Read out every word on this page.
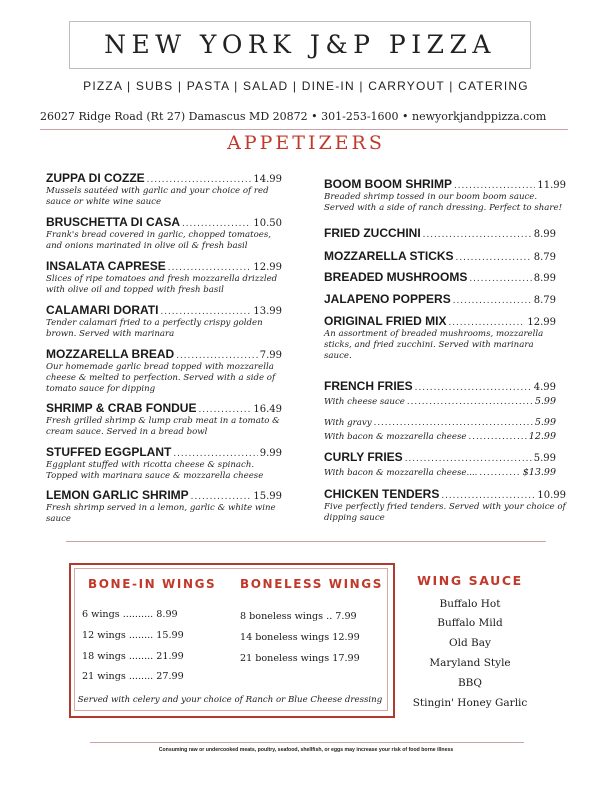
NEW YORK J&P PIZZA
PIZZA | SUBS | PASTA | SALAD | DINE-IN | CARRYOUT | CATERING
26027 Ridge Road (Rt 27) Damascus MD 20872 • 301-253-1600 • newyorkjandppizza.com
APPETIZERS
ZUPPA DI COZZE .....	14.99
Mussels sautéed with garlic and your choice of red sauce or white wine sauce
BRUSCHETTA DI CASA .....	10.50
Frank's bread covered in garlic, chopped tomatoes, and onions marinated in olive oil & fresh basil
INSALATA CAPRESE .....	12.99
Slices of ripe tomatoes and fresh mozzarella drizzled with olive oil and topped with fresh basil
CALAMARI DORATI .....	13.99
Tender calamari fried to a perfectly crispy golden brown. Served with marinara
MOZZARELLA BREAD .....	7.99
Our homemade garlic bread topped with mozzarella cheese & melted to perfection. Served with a side of tomato sauce for dipping
SHRIMP & CRAB FONDUE .....	16.49
Fresh grilled shrimp & lump crab meat in a tomato & cream sauce. Served in a bread bowl
STUFFED EGGPLANT .....	9.99
Eggplant stuffed with ricotta cheese & spinach. Topped with marinara sauce & mozzarella cheese
LEMON GARLIC SHRIMP .....	15.99
Fresh shrimp served in a lemon, garlic & white wine sauce
BOOM BOOM SHRIMP .....	11.99
Breaded shrimp tossed in our boom boom sauce. Served with a side of ranch dressing. Perfect to share!
FRIED ZUCCHINI .....	8.99
MOZZARELLA STICKS .....	8.79
BREADED MUSHROOMS .....	8.99
JALAPENO POPPERS .....	8.79
ORIGINAL FRIED MIX .....	12.99
An assortment of breaded mushrooms, mozzarella sticks, and fried zucchini. Served with marinara sauce.
FRENCH FRIES .....	4.99
With cheese sauce .....	5.99
With gravy .....	5.99
With bacon & mozzarella cheese .....	12.99
CURLY FRIES .....	5.99
With bacon & mozzarella cheese.... .....	$13.99
CHICKEN TENDERS .....	10.99
Five perfectly fried tenders. Served with your choice of dipping sauce
BONE-IN WINGS BONELESS WINGS
6 wings .......... 8.99
12 wings ........ 15.99
18 wings ........ 21.99
21 wings ........ 27.99
8 boneless wings .. 7.99
14 boneless wings 12.99
21 boneless wings 17.99
Served with celery and your choice of Ranch or Blue Cheese dressing
WING SAUCE
Buffalo Hot
Buffalo Mild
Old Bay
Maryland Style
BBQ
Stingin' Honey Garlic
Consuming raw or undercooked meats, poultry, seafood, shellfish, or eggs may increase your risk of food borne illness
